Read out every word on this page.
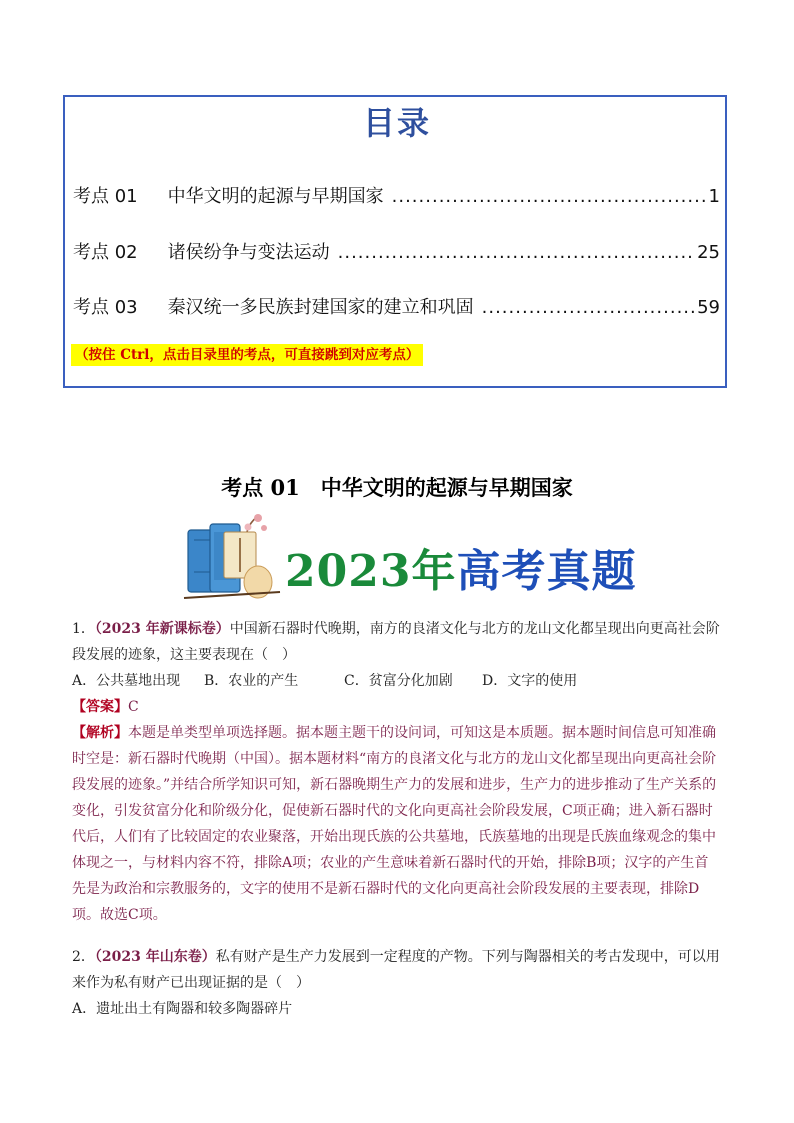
目录
考点 01 中华文明的起源与早期国家 .....	1
考点 02 诸侯纷争与变法运动 .....	25
考点 03 秦汉统一多民族封建国家的建立和巩固 .....	59
（按住 Ctrl，点击目录里的考点，可直接跳到对应考点）
考点 01　中华文明的起源与早期国家
2023年高考真题
1．（2023 年新课标卷）中国新石器时代晚期，南方的良渚文化与北方的龙山文化都呈现出向更高社会阶段发展的迹象，这主要表现在（　）
A．公共墓地出现	B．农业的产生	C．贫富分化加剧	D．文字的使用
【答案】C
【解析】本题是单类型单项选择题。据本题主题干的设问词，可知这是本质题。据本题时间信息可知准确时空是：新石器时代晚期（中国）。据本题材料“南方的良渚文化与北方的龙山文化都呈现出向更高社会阶段发展的迹象。”并结合所学知识可知，新石器晚期生产力的发展和进步，生产力的进步推动了生产关系的变化，引发贫富分化和阶级分化，促使新石器时代的文化向更高社会阶段发展，C项正确；进入新石器时代后，人们有了比较固定的农业聚落，开始出现氏族的公共墓地，氏族墓地的出现是氏族血缘观念的集中体现之一，与材料内容不符，排除A项；农业的产生意味着新石器时代的开始，排除B项；汉字的产生首先是为政治和宗教服务的，文字的使用不是新石器时代的文化向更高社会阶段发展的主要表现，排除D项。故选C项。
2．（2023 年山东卷）私有财产是生产力发展到一定程度的产物。下列与陶器相关的考古发现中，可以用来作为私有财产已出现证据的是（　）
A．遗址出土有陶器和较多陶器碎片
